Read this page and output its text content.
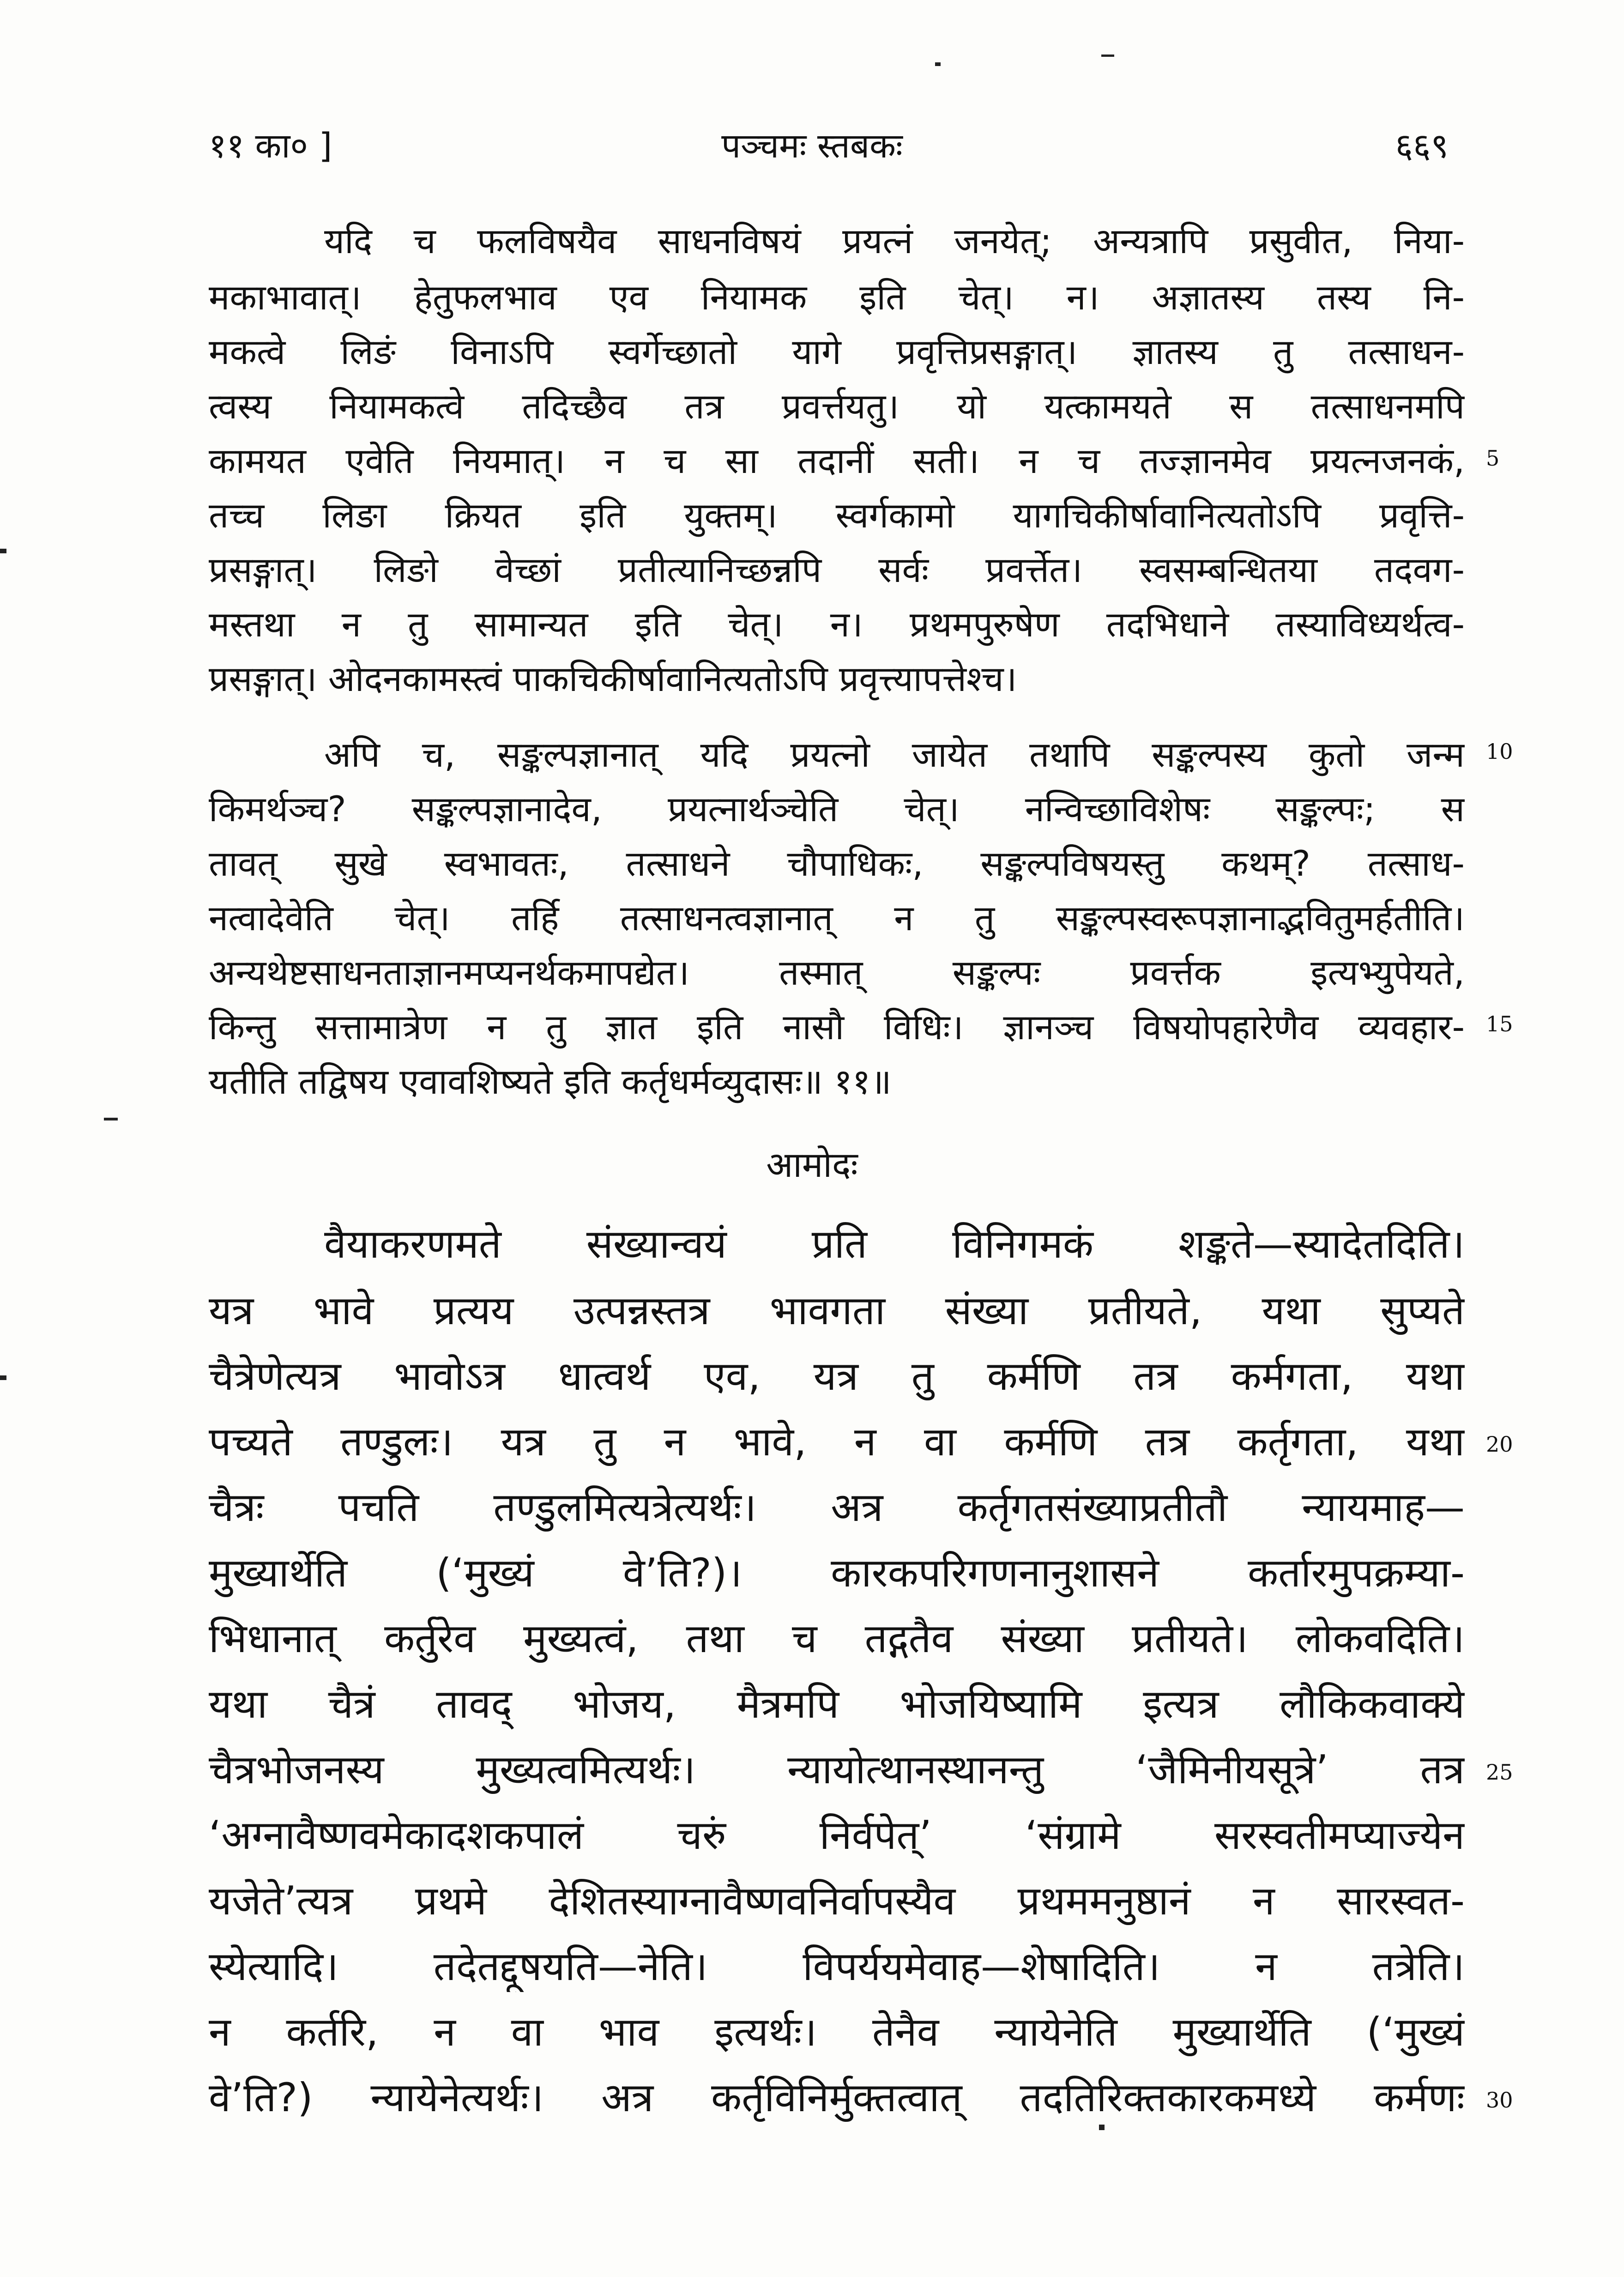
११ का० ]	पञ्चमः स्तबकः	६६९
यदि च फलविषयैव साधनविषयं प्रयत्नं जनयेत्; अन्यत्रापि प्रसुवीत, निया-
मकाभावात्। हेतुफलभाव एव नियामक इति चेत्। न। अज्ञातस्य तस्य नि-
मकत्वे लिङं विनाऽपि स्वर्गेच्छातो यागे प्रवृत्तिप्रसङ्गात्। ज्ञातस्य तु तत्साधन-
त्वस्य नियामकत्वे तदिच्छैव तत्र प्रवर्त्तयतु। यो यत्कामयते स तत्साधनमपि
कामयत एवेति नियमात्। न च सा तदानीं सती। न च तज्ज्ञानमेव प्रयत्नजनकं,
तच्च लिङा क्रियत इति युक्तम्। स्वर्गकामो यागचिकीर्षावानित्यतोऽपि प्रवृत्ति-
प्रसङ्गात्। लिङो वेच्छां प्रतीत्यानिच्छन्नपि सर्वः प्रवर्त्तेत। स्वसम्बन्धितया तदवग-
मस्तथा न तु सामान्यत इति चेत्। न। प्रथमपुरुषेण तदभिधाने तस्याविध्यर्थत्व-
प्रसङ्गात्। ओदनकामस्त्वं पाकचिकीर्षावानित्यतोऽपि प्रवृत्त्यापत्तेश्च।
अपि च, सङ्कल्पज्ञानात् यदि प्रयत्नो जायेत तथापि सङ्कल्पस्य कुतो जन्म
किमर्थञ्च? सङ्कल्पज्ञानादेव, प्रयत्नार्थञ्चेति चेत्। नन्विच्छाविशेषः सङ्कल्पः; स
तावत् सुखे स्वभावतः, तत्साधने चौपाधिकः, सङ्कल्पविषयस्तु कथम्? तत्साध-
नत्वादेवेति चेत्। तर्हि तत्साधनत्वज्ञानात् न तु सङ्कल्पस्वरूपज्ञानाद्भवितुमर्हतीति।
अन्यथेष्टसाधनताज्ञानमप्यनर्थकमापद्येत। तस्मात् सङ्कल्पः प्रवर्त्तक इत्यभ्युपेयते,
किन्तु सत्तामात्रेण न तु ज्ञात इति नासौ विधिः। ज्ञानञ्च विषयोपहारेणैव व्यवहार-
यतीति तद्विषय एवावशिष्यते इति कर्तृधर्मव्युदासः॥ ११॥
5
10
15
आमोदः
वैयाकरणमते संख्यान्वयं प्रति विनिगमकं शङ्कते—स्यादेतदिति।
यत्र भावे प्रत्यय उत्पन्नस्तत्र भावगता संख्या प्रतीयते, यथा सुप्यते
चैत्रेणेत्यत्र भावोऽत्र धात्वर्थ एव, यत्र तु कर्मणि तत्र कर्मगता, यथा
पच्यते तण्डुलः। यत्र तु न भावे, न वा कर्मणि तत्र कर्तृगता, यथा
चैत्रः पचति तण्डुलमित्यत्रेत्यर्थः। अत्र कर्तृगतसंख्याप्रतीतौ न्यायमाह—
मुख्यार्थेति (‘मुख्यं वे’ति?)। कारकपरिगणनानुशासने कर्तारमुपक्रम्या-
भिधानात् कर्तुरेव मुख्यत्वं, तथा च तद्गतैव संख्या प्रतीयते। लोकवदिति।
यथा चैत्रं तावद् भोजय, मैत्रमपि भोजयिष्यामि इत्यत्र लौकिकवाक्ये
चैत्रभोजनस्य मुख्यत्वमित्यर्थः। न्यायोत्थानस्थानन्तु ‘जैमिनीयसूत्रे’ तत्र
‘अग्नावैष्णवमेकादशकपालं चरुं निर्वपेत्’ ‘संग्रामे सरस्वतीमप्याज्येन
यजेते’त्यत्र प्रथमे देशितस्याग्नावैष्णवनिर्वापस्यैव प्रथममनुष्ठानं न सारस्वत-
स्येत्यादि। तदेतद्दूषयति—नेति। विपर्ययमेवाह—शेषादिति। न तत्रेति।
न कर्तरि, न वा भाव इत्यर्थः। तेनैव न्यायेनेति मुख्यार्थेति (‘मुख्यं
वे’ति?) न्यायेनेत्यर्थः। अत्र कर्तृविनिर्मुक्तत्वात् तदतिरिक्तकारकमध्ये कर्मणः
20
25
30
